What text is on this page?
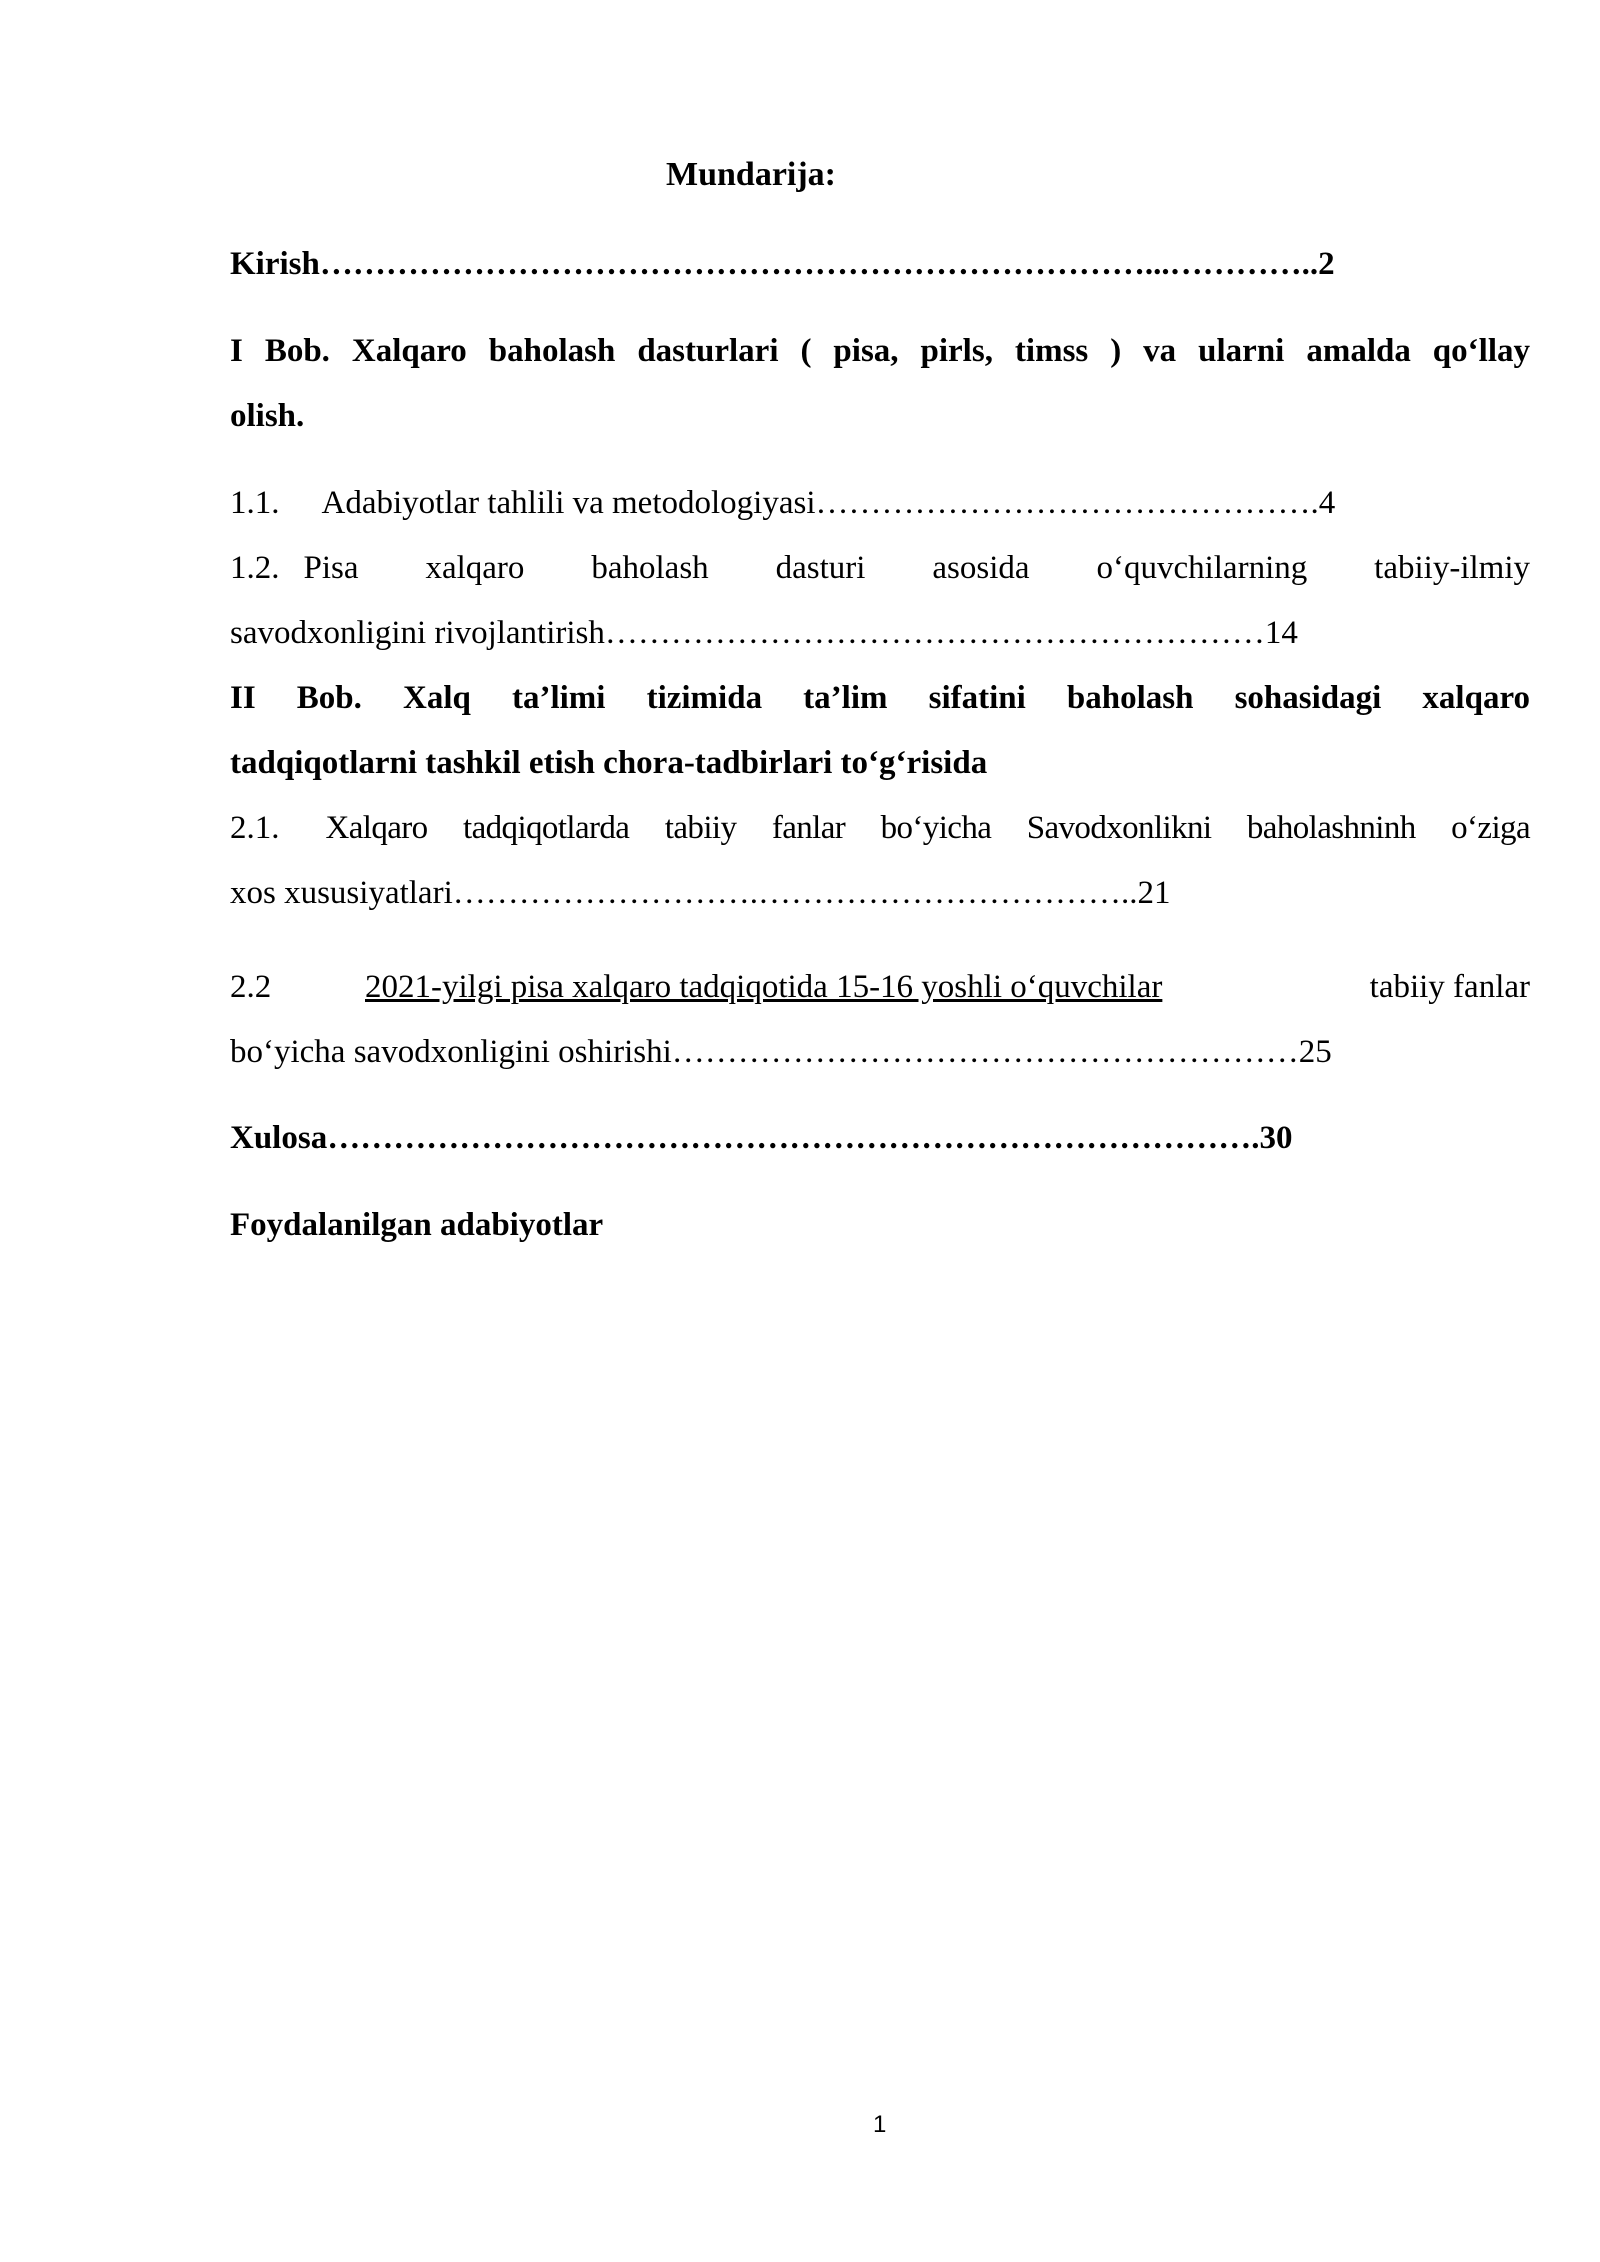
Mundarija:
Kirish…………………………………………………………………...…………..2
I Bob. Xalqaro baholash dasturlari ( pisa, pirls, timss ) va ularni amalda qo‘llay
olish.
1.1. Adabiyotlar tahlili va metodologiyasi……………………………………….4
1.2. Pisa xalqaro baholash dasturi asosida o‘quvchilarning tabiiy-ilmiy
savodxonligini rivojlantirish……………………………………………………14
II Bob. Xalq ta’limi tizimida ta’lim sifatini baholash sohasidagi xalqaro
tadqiqotlarni tashkil etish chora-tadbirlari to‘g‘risida
2.1. Xalqaro tadqiqotlarda tabiiy fanlar bo‘yicha Savodxonlikni baholashninh o‘ziga
xos xususiyatlari……………………….……………………………..21
2.2	2021-yilgi pisa xalqaro tadqiqotida 15-16 yoshli o‘quvchilar	tabiiy fanlar
bo‘yicha savodxonligini oshirishi…………………………………………………25
Xulosa………………………………………………………………………….30
Foydalanilgan adabiyotlar
1
